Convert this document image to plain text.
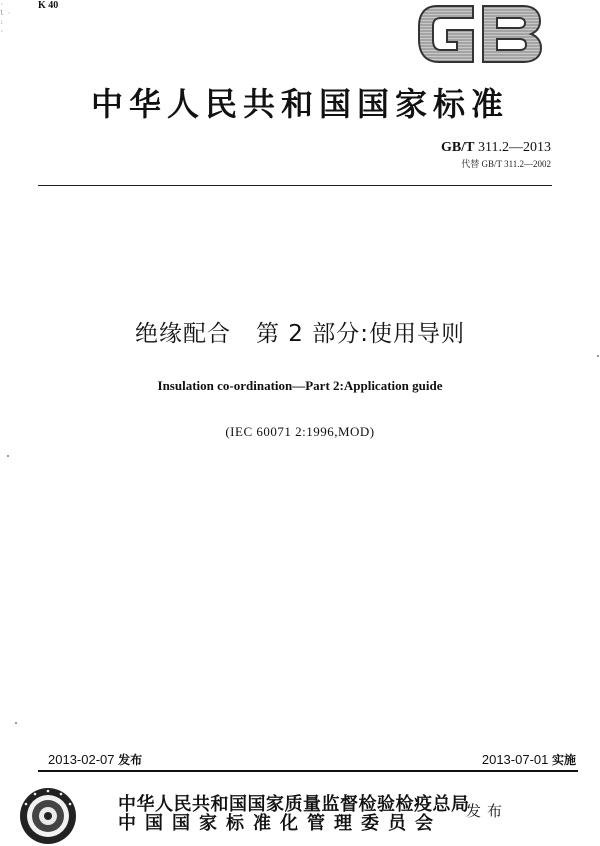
·
l ·
:
·
K 40
中华人民共和国国家标准
GB/T 311.2—2013
代替 GB/T 311.2—2002
绝缘配合   第 2 部分:使用导则
Insulation co-ordination—Part 2:Application guide
(IEC 60071 2:1996,MOD)
2013-02-07 发布	2013-07-01 实施
中华人民共和国国家质量监督检验检疫总局
中国国家标准化管理委员会
发布
